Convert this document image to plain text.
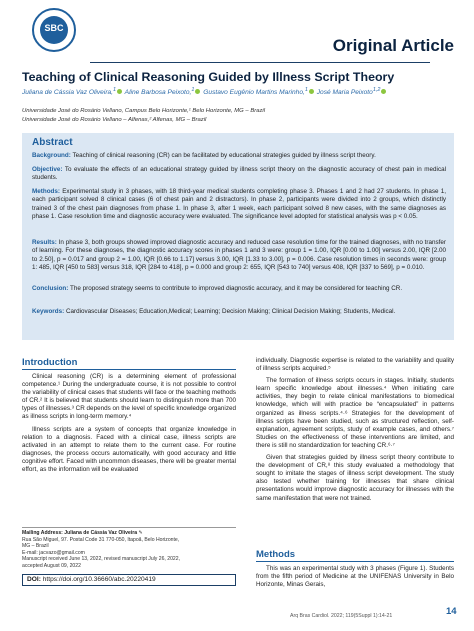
SBC
Original Article
Teaching of Clinical Reasoning Guided by Illness Script Theory
Juliana de Cássia Vaz Oliveira,$^1$ Aline Barbosa Peixoto,$^1$ Gustavo Eugênio Martins Marinho,$^1$ José Maria Peixoto$^{1,2}$
Universidade José do Rosário Vellano, Campus Belo Horizonte,¹ Belo Horizonte, MG – Brazil
Universidade José do Rosário Vellano – Alfenas,² Alfenas, MG – Brazil
Abstract
Background: Teaching of clinical reasoning (CR) can be facilitated by educational strategies guided by illness script theory.
Objective: To evaluate the effects of an educational strategy guided by illness script theory on the diagnostic accuracy of chest pain in medical students.
Methods: Experimental study in 3 phases, with 18 third-year medical students completing phase 3. Phases 1 and 2 had 27 students. In phase 1, each participant solved 8 clinical cases (6 of chest pain and 2 distractors). In phase 2, participants were divided into 2 groups, which distinctly trained 3 of the chest pain diagnoses from phase 1. In phase 3, after 1 week, each participant solved 8 new cases, with the same diagnoses as phase 1. Case resolution time and diagnostic accuracy were evaluated. The significance level adopted for statistical analysis was p < 0.05.
Results: In phase 3, both groups showed improved diagnostic accuracy and reduced case resolution time for the trained diagnoses, with no transfer of learning. For these diagnoses, the diagnostic accuracy scores in phases 1 and 3 were: group 1 = 1.00, IQR [0.00 to 1.00] versus 2.00, IQR [2.00 to 2.50], p = 0.017 and group 2 = 1.00, IQR [0.66 to 1.17] versus 3.00, IQR [1.33 to 3.00], p = 0.006. Case resolution times in seconds were: group 1: 485, IQR [450 to 583] versus 318, IQR [284 to 418], p = 0.000 and group 2: 655, IQR [543 to 740] versus 408, IQR [337 to 569], p = 0.010.
Conclusion: The proposed strategy seems to contribute to improved diagnostic accuracy, and it may be considered for teaching CR.
Keywords: Cardiovascular Diseases; Education,Medical; Learning; Decision Making; Clinical Decision Making; Students, Medical.
Introduction

Clinical reasoning (CR) is a determining element of professional competence.¹ During the undergraduate course, it is not possible to control the variability of clinical cases that students will face or the teaching methods of CR.² It is believed that students should learn to distinguish more than 700 types of illnesses.³ CR depends on the level of specific knowledge organized as illness scripts in long-term memory.⁴

Illness scripts are a system of concepts that organize knowledge in relation to a diagnosis. Faced with a clinical case, illness scripts are activated in an attempt to relate them to the current case. For routine diagnoses, the process occurs automatically, with good accuracy and little cognitive effort. Faced with uncommon diseases, there will be greater mental effort, as the information will be evaluated

Mailing Address: Juliana de Cássia Vaz Oliveira ✎
Rua São Miguel, 97. Postal Code 31 770-050, Itapoã, Belo Horizonte,
MG – Brazil
E-mail: jacvazo@gmail.com
Manuscript received June 13, 2022, revised manuscript July 26, 2022,
accepted August 09, 2022
DOI: https://doi.org/10.36660/abc.20220419

individually. Diagnostic expertise is related to the variability and quality of illness scripts acquired.⁵

The formation of illness scripts occurs in stages. Initially, students learn specific knowledge about illnesses.⁴ When initiating care activities, they begin to relate clinical manifestations to biomedical knowledge, which will with practice be “encapsulated” in patterns organized as illness scripts.⁴·⁶ Strategies for the development of illness scripts have been studied, such as structured reflection, self-explanation, agreement scripts, study of example cases, and others.⁷ Studies on the effectiveness of these interventions are limited, and there is still no standardization for teaching CR.⁶·⁷

Given that strategies guided by illness script theory contribute to the development of CR,⁸ this study evaluated a methodology that sought to imitate the stages of illness script development. The study also tested whether training for illnesses that share clinical presentations would improve diagnostic accuracy for illnesses with the same manifestation that were not trained.

Methods

This was an experimental study with 3 phases (Figure 1). Students from the fifth period of Medicine at the UNIFENAS University in Belo Horizonte, Minas Gerais,

Arq Bras Cardiol. 2022; 119(5Suppl 1):14-21	14
